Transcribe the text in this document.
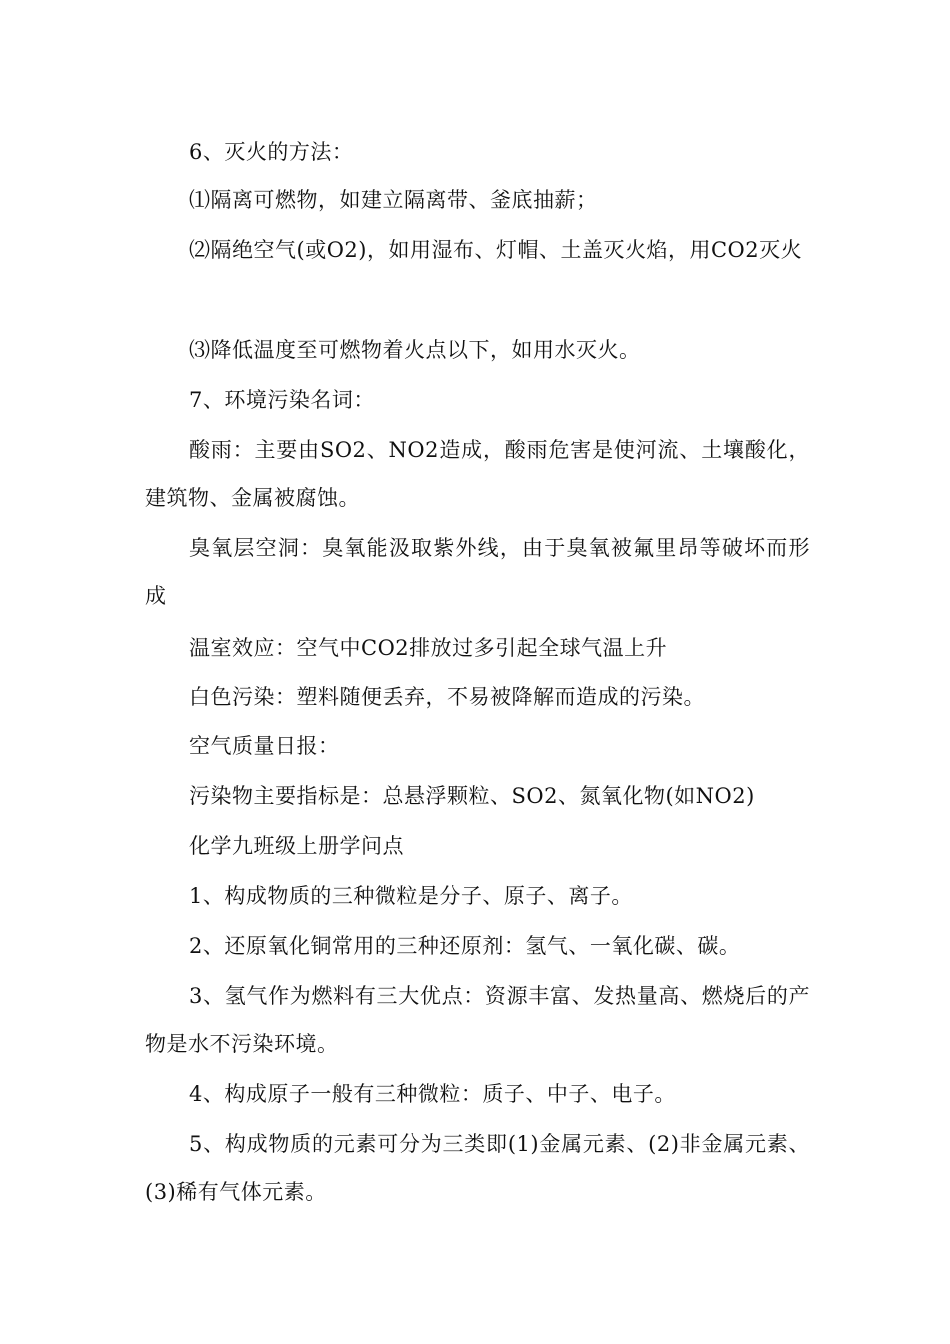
6、灭火的方法：

⑴隔离可燃物，如建立隔离带、釜底抽薪；

⑵隔绝空气(或O2)，如用湿布、灯帽、土盖灭火焰，用CO2灭火

⑶降低温度至可燃物着火点以下，如用水灭火。

7、环境污染名词：

酸雨：主要由SO2、NO2造成，酸雨危害是使河流、土壤酸化，建筑物、金属被腐蚀。

臭氧层空洞：臭氧能汲取紫外线，由于臭氧被氟里昂等破坏而形成

温室效应：空气中CO2排放过多引起全球气温上升

白色污染：塑料随便丢弃，不易被降解而造成的污染。

空气质量日报：

污染物主要指标是：总悬浮颗粒、SO2、氮氧化物(如NO2)

化学九班级上册学问点

1、构成物质的三种微粒是分子、原子、离子。

2、还原氧化铜常用的三种还原剂：氢气、一氧化碳、碳。

3、氢气作为燃料有三大优点：资源丰富、发热量高、燃烧后的产物是水不污染环境。

4、构成原子一般有三种微粒：质子、中子、电子。

5、构成物质的元素可分为三类即(1)金属元素、(2)非金属元素、(3)稀有气体元素。
